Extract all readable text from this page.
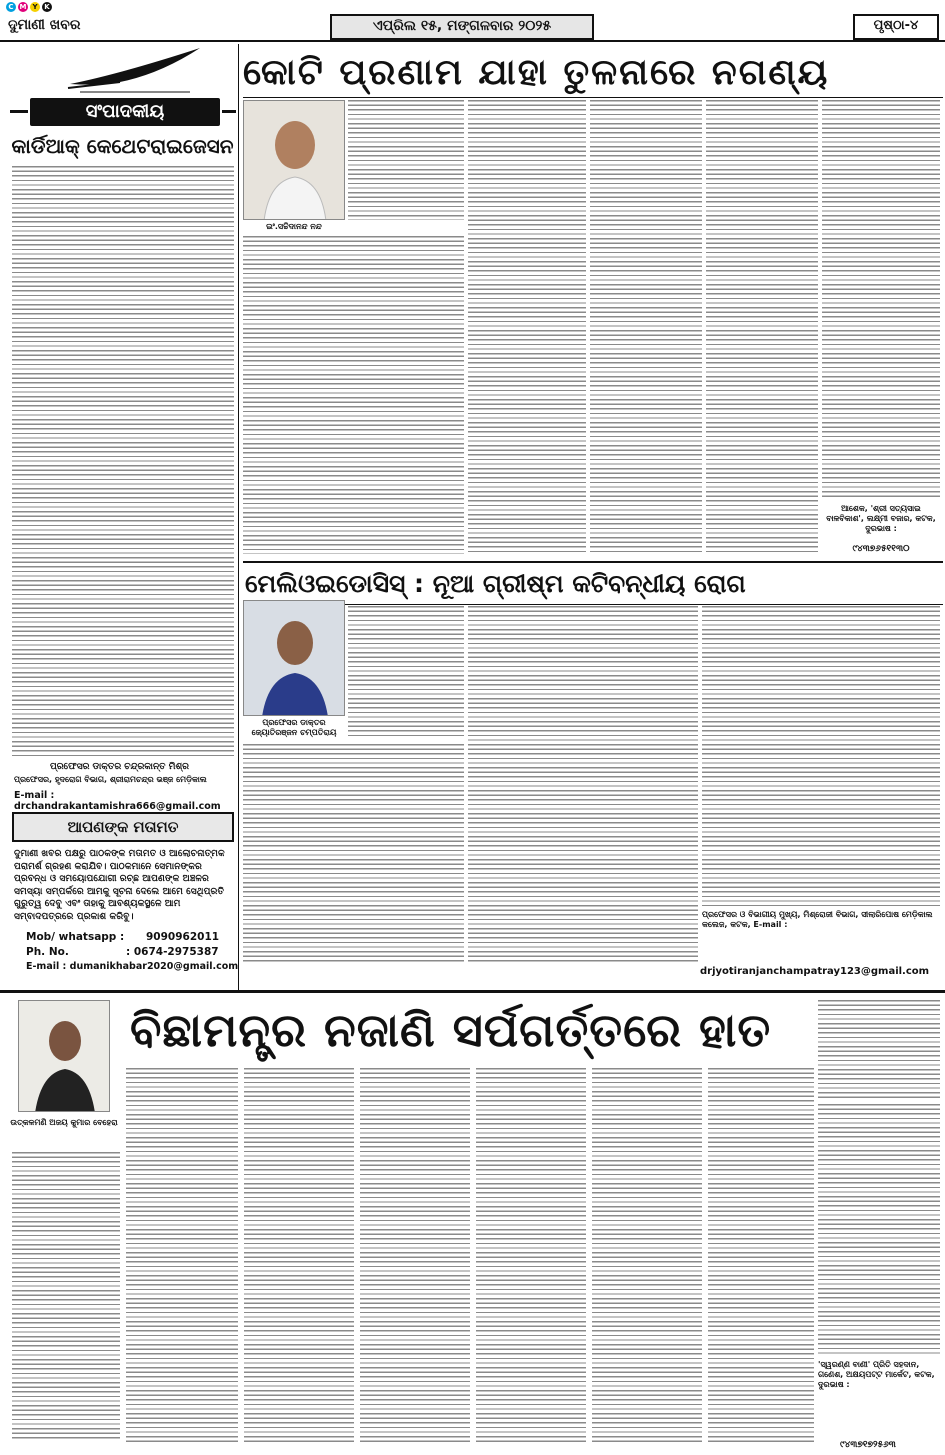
C M Y K
ଦୁମାଣୀ ଖବର	ଏପ୍ରିଲ ୧୫, ମଙ୍ଗଳବାର ୨୦୨୫	ପୃଷ୍ଠା-୪
ସଂପାଦକୀୟ
କାର୍ଡିଆକ୍ କେଥେଟରାଇଜେସନ
ପ୍ରଫେସର ଡାକ୍ତର ଚନ୍ଦ୍ରକାନ୍ତ ମିଶ୍ର
ପ୍ରଫେସର, ହୃଦରୋଗ ବିଭାଗ, ଶ୍ରୀରାମଚନ୍ଦ୍ର ଭଞ୍ଜ ମେଡ଼ିକାଲ
E-mail : drchandrakantamishra666@gmail.com
ଆପଣଙ୍କ ମତାମତ
ଦୁମାଣୀ ଖବର ପକ୍ଷରୁ ପାଠକଙ୍କ ମତାମତ ଓ ଆଲୋଚନାତ୍ମକ ପରାମର୍ଶ ଗ୍ରହଣ କରାଯିବ। ପାଠକମାନେ ସେମାନଙ୍କର ପ୍ରବନ୍ଧ ଓ ସମୟୋପଯୋଗୀ ରଚ୍ଛ ଆପଣଙ୍କ ଅଞ୍ଚଳର ସମସ୍ୟା ସମ୍ପର୍କରେ ଆମକୁ ସୂଚନା ଦେଲେ ଆମେ ସେଥିପ୍ରତି ଗୁରୁତ୍ୱ ଦେବୁ ଏବଂ ତାହାକୁ ଆବଶ୍ୟକସ୍ଥଳେ ଆମ ସମ୍ବାଦପତ୍ରରେ ପ୍ରକାଶ କରିବୁ।
Mob/ whatsapp : 9090962011
Ph. No.	: 0674-2975387
E-mail : dumanikhabar2020@gmail.com
କୋଟି ପ୍ରଣାମ ଯାହା ତୁଳନାରେ ନଗଣ୍ୟ
ଇଂ.ସଚ୍ଚିଦାନନ୍ଦ ନନ୍ଦ
ଆଶେକ, 'ଶ୍ରୀ ସତ୍ୟସାଇ ବାଳବିକାଶ', ଲକ୍ଷ୍ମୀ ବଜାର, କଟକ, ଦୁରଭାଷ :
୯୪୩୭୬୫୧୧୩୦
ମେଲିଓଇଡୋସିସ୍ : ନୂଆ ଗ୍ରୀଷ୍ମ କଟିବନ୍ଧୀୟ ରୋଗ
ପ୍ରଫେସର ଡାକ୍ତର ଜ୍ୟୋତିରଞ୍ଜନ ଚମ୍ପତିରାୟ
ପ୍ରଫେସର ଓ ବିଭାଗୀୟ ମୁଖ୍ୟ, ମିଶ୍ରୋଜୀ ବିଭାଗ, ସୀଲାରିପୋଷ ମେଡ଼ିକାଲ କଲେଜ, କଟକ, E-mail :
drjyotiranjanchampatray123@gmail.com
ଉତ୍କଳମଣି ଅଜୟ କୁମାର ବେହେରା
ବିଛାମନ୍ତ୍ର ନଜାଣି ସର୍ପଗର୍ତ୍ତରେ ହାତ
'ସ୍ୱରଣ୍ଣ ବାଣୀ' ପ୍ରିତି ସହଦାନ, ଗଣେଶ, ଅକ୍ଷୟପଟ୍ଟ ମାର୍କେଟ, କଟକ, ଦୁରଭାଷ :
୯୪୩୭୧୭୨୫୬୩
